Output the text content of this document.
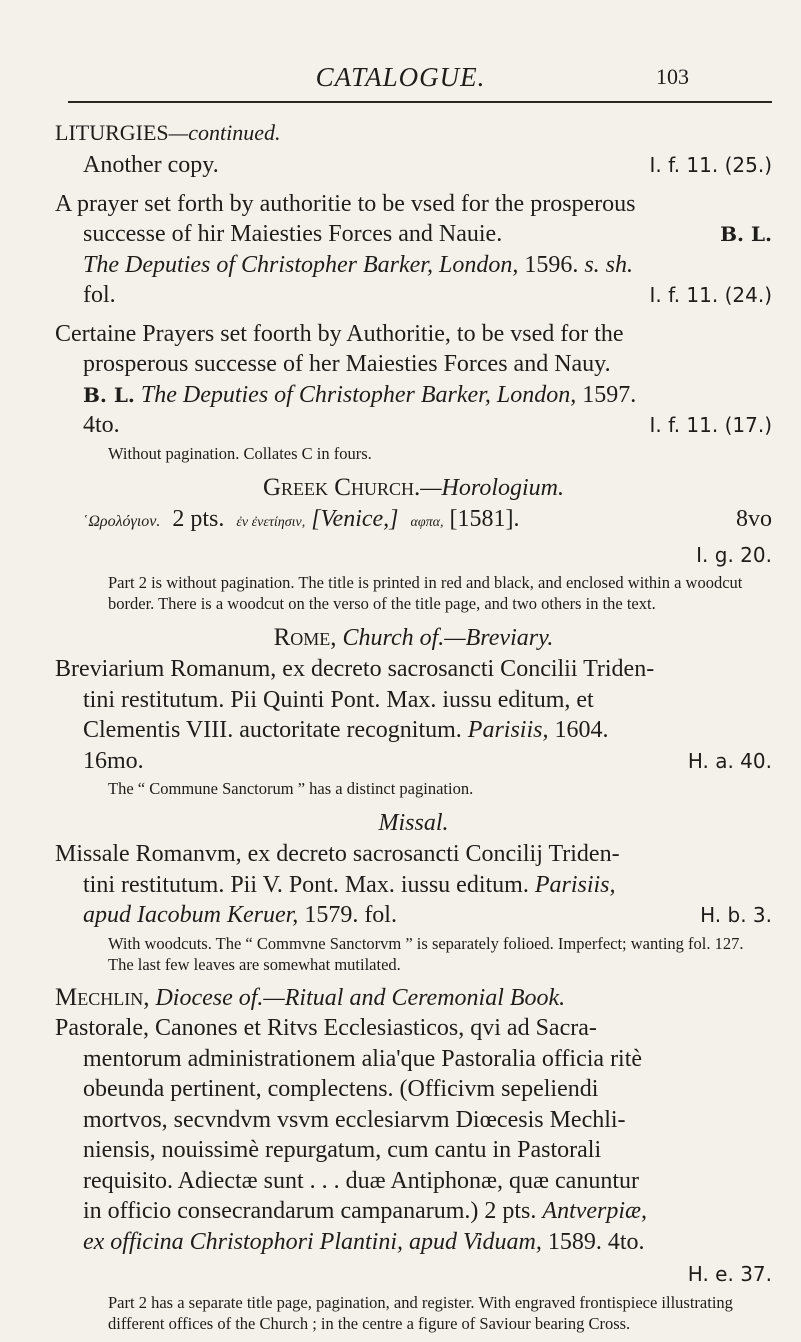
CATALOGUE.	103

LITURGIES—continued.

Another copy.	I. f. 11. (25.)

A prayer set forth by authoritie to be vsed for the prosperous

successe of hir Maiesties Forces and Nauie.	B. L.

The Deputies of Christopher Barker, London, 1596. s. sh.

fol.	I. f. 11. (24.)

Certaine Prayers set foorth by Authoritie, to be vsed for the

prosperous successe of her Maiesties Forces and Nauy.

B. L. The Deputies of Christopher Barker, London, 1597.

4to.	I. f. 11. (17.)

Without pagination. Collates C in fours.

Greek Church.—Horologium.

῾Ωρολόγιον. 2 pts. ἐν ἐνετίησιν, [Venice,] αφπα, [1581].	8vo
I. g. 20.

Part 2 is without pagination. The title is printed in red and black, and enclosed within a woodcut border. There is a woodcut on the verso of the title page, and two others in the text.

Rome, Church of.—Breviary.

Breviarium Romanum, ex decreto sacrosancti Concilii Triden-

tini restitutum. Pii Quinti Pont. Max. iussu editum, et

Clementis VIII. auctoritate recognitum. Parisiis, 1604.

16mo.	H. a. 40.

The “ Commune Sanctorum ” has a distinct pagination.

Missal.

Missale Romanvm, ex decreto sacrosancti Concilij Triden-

tini restitutum. Pii V. Pont. Max. iussu editum. Parisiis,

apud Iacobum Keruer, 1579. fol.	H. b. 3.

With woodcuts. The “ Commvne Sanctorvm ” is separately folioed. Imperfect; wanting fol. 127. The last few leaves are somewhat mutilated.

Mechlin, Diocese of.—Ritual and Ceremonial Book.

Pastorale, Canones et Ritvs Ecclesiasticos, qvi ad Sacra-

mentorum administrationem alia'que Pastoralia officia ritè

obeunda pertinent, complectens. (Officivm sepeliendi

mortvos, secvndvm vsvm ecclesiarvm Diœcesis Mechli-

niensis, nouissimè repurgatum, cum cantu in Pastorali

requisito. Adiectæ sunt . . . duæ Antiphonæ, quæ canuntur

in officio consecrandarum campanarum.) 2 pts. Antverpiæ,

ex officina Christophori Plantini, apud Viduam, 1589. 4to.

H. e. 37.

Part 2 has a separate title page, pagination, and register. With engraved frontispiece illustrating different offices of the Church ; in the centre a figure of Saviour bearing Cross.
